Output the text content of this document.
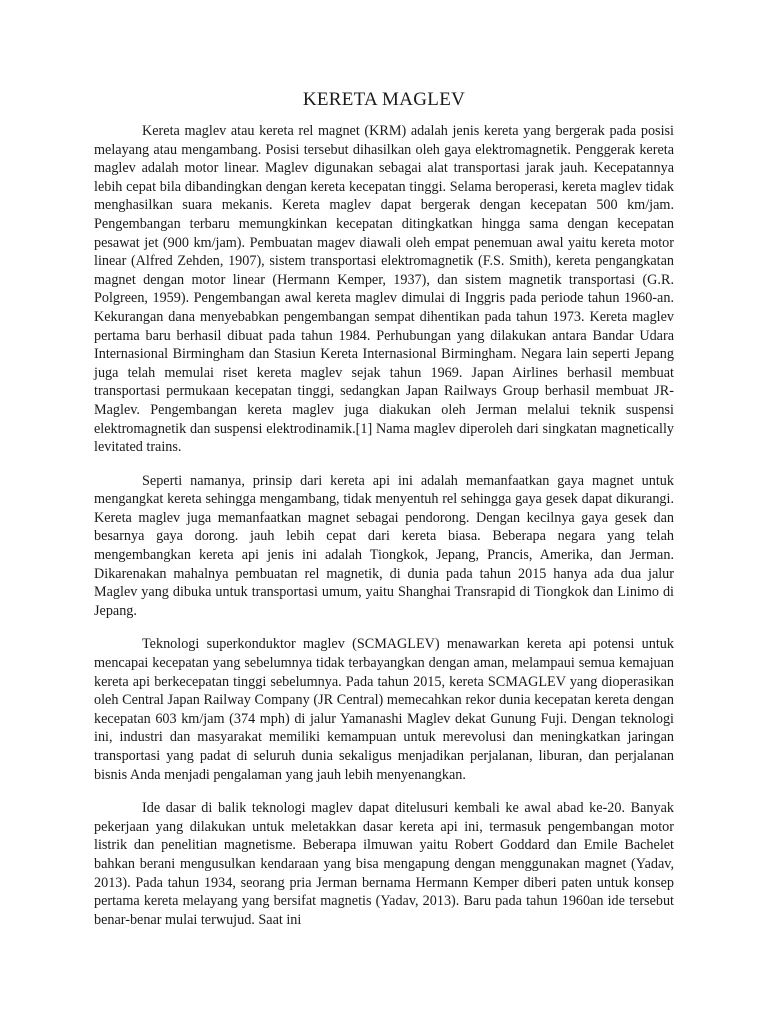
KERETA MAGLEV

Kereta maglev atau kereta rel magnet (KRM) adalah jenis kereta yang bergerak pada posisi melayang atau mengambang. Posisi tersebut dihasilkan oleh gaya elektromagnetik. Penggerak kereta maglev adalah motor linear. Maglev digunakan sebagai alat transportasi jarak jauh. Kecepatannya lebih cepat bila dibandingkan dengan kereta kecepatan tinggi. Selama beroperasi, kereta maglev tidak menghasilkan suara mekanis. Kereta maglev dapat bergerak dengan kecepatan 500 km/jam. Pengembangan terbaru memungkinkan kecepatan ditingkatkan hingga sama dengan kecepatan pesawat jet (900 km/jam). Pembuatan magev diawali oleh empat penemuan awal yaitu kereta motor linear (Alfred Zehden, 1907), sistem transportasi elektromagnetik (F.S. Smith), kereta pengangkatan magnet dengan motor linear (Hermann Kemper, 1937), dan sistem magnetik transportasi (G.R. Polgreen, 1959). Pengembangan awal kereta maglev dimulai di Inggris pada periode tahun 1960-an. Kekurangan dana menyebabkan pengembangan sempat dihentikan pada tahun 1973. Kereta maglev pertama baru berhasil dibuat pada tahun 1984. Perhubungan yang dilakukan antara Bandar Udara Internasional Birmingham dan Stasiun Kereta Internasional Birmingham. Negara lain seperti Jepang juga telah memulai riset kereta maglev sejak tahun 1969. Japan Airlines berhasil membuat transportasi permukaan kecepatan tinggi, sedangkan Japan Railways Group berhasil membuat JR-Maglev. Pengembangan kereta maglev juga diakukan oleh Jerman melalui teknik suspensi elektromagnetik dan suspensi elektrodinamik.[1] Nama maglev diperoleh dari singkatan magnetically levitated trains.

Seperti namanya, prinsip dari kereta api ini adalah memanfaatkan gaya magnet untuk mengangkat kereta sehingga mengambang, tidak menyentuh rel sehingga gaya gesek dapat dikurangi. Kereta maglev juga memanfaatkan magnet sebagai pendorong. Dengan kecilnya gaya gesek dan besarnya gaya dorong. jauh lebih cepat dari kereta biasa. Beberapa negara yang telah mengembangkan kereta api jenis ini adalah Tiongkok, Jepang, Prancis, Amerika, dan Jerman. Dikarenakan mahalnya pembuatan rel magnetik, di dunia pada tahun 2015 hanya ada dua jalur Maglev yang dibuka untuk transportasi umum, yaitu Shanghai Transrapid di Tiongkok dan Linimo di Jepang.

Teknologi superkonduktor maglev (SCMAGLEV) menawarkan kereta api potensi untuk mencapai kecepatan yang sebelumnya tidak terbayangkan dengan aman, melampaui semua kemajuan kereta api berkecepatan tinggi sebelumnya. Pada tahun 2015, kereta SCMAGLEV yang dioperasikan oleh Central Japan Railway Company (JR Central) memecahkan rekor dunia kecepatan kereta dengan kecepatan 603 km/jam (374 mph) di jalur Yamanashi Maglev dekat Gunung Fuji. Dengan teknologi ini, industri dan masyarakat memiliki kemampuan untuk merevolusi dan meningkatkan jaringan transportasi yang padat di seluruh dunia sekaligus menjadikan perjalanan, liburan, dan perjalanan bisnis Anda menjadi pengalaman yang jauh lebih menyenangkan.

Ide dasar di balik teknologi maglev dapat ditelusuri kembali ke awal abad ke-20. Banyak pekerjaan yang dilakukan untuk meletakkan dasar kereta api ini, termasuk pengembangan motor listrik dan penelitian magnetisme. Beberapa ilmuwan yaitu Robert Goddard dan Emile Bachelet bahkan berani mengusulkan kendaraan yang bisa mengapung dengan menggunakan magnet (Yadav, 2013). Pada tahun 1934, seorang pria Jerman bernama Hermann Kemper diberi paten untuk konsep pertama kereta melayang yang bersifat magnetis (Yadav, 2013). Baru pada tahun 1960an ide tersebut benar-benar mulai terwujud. Saat ini
